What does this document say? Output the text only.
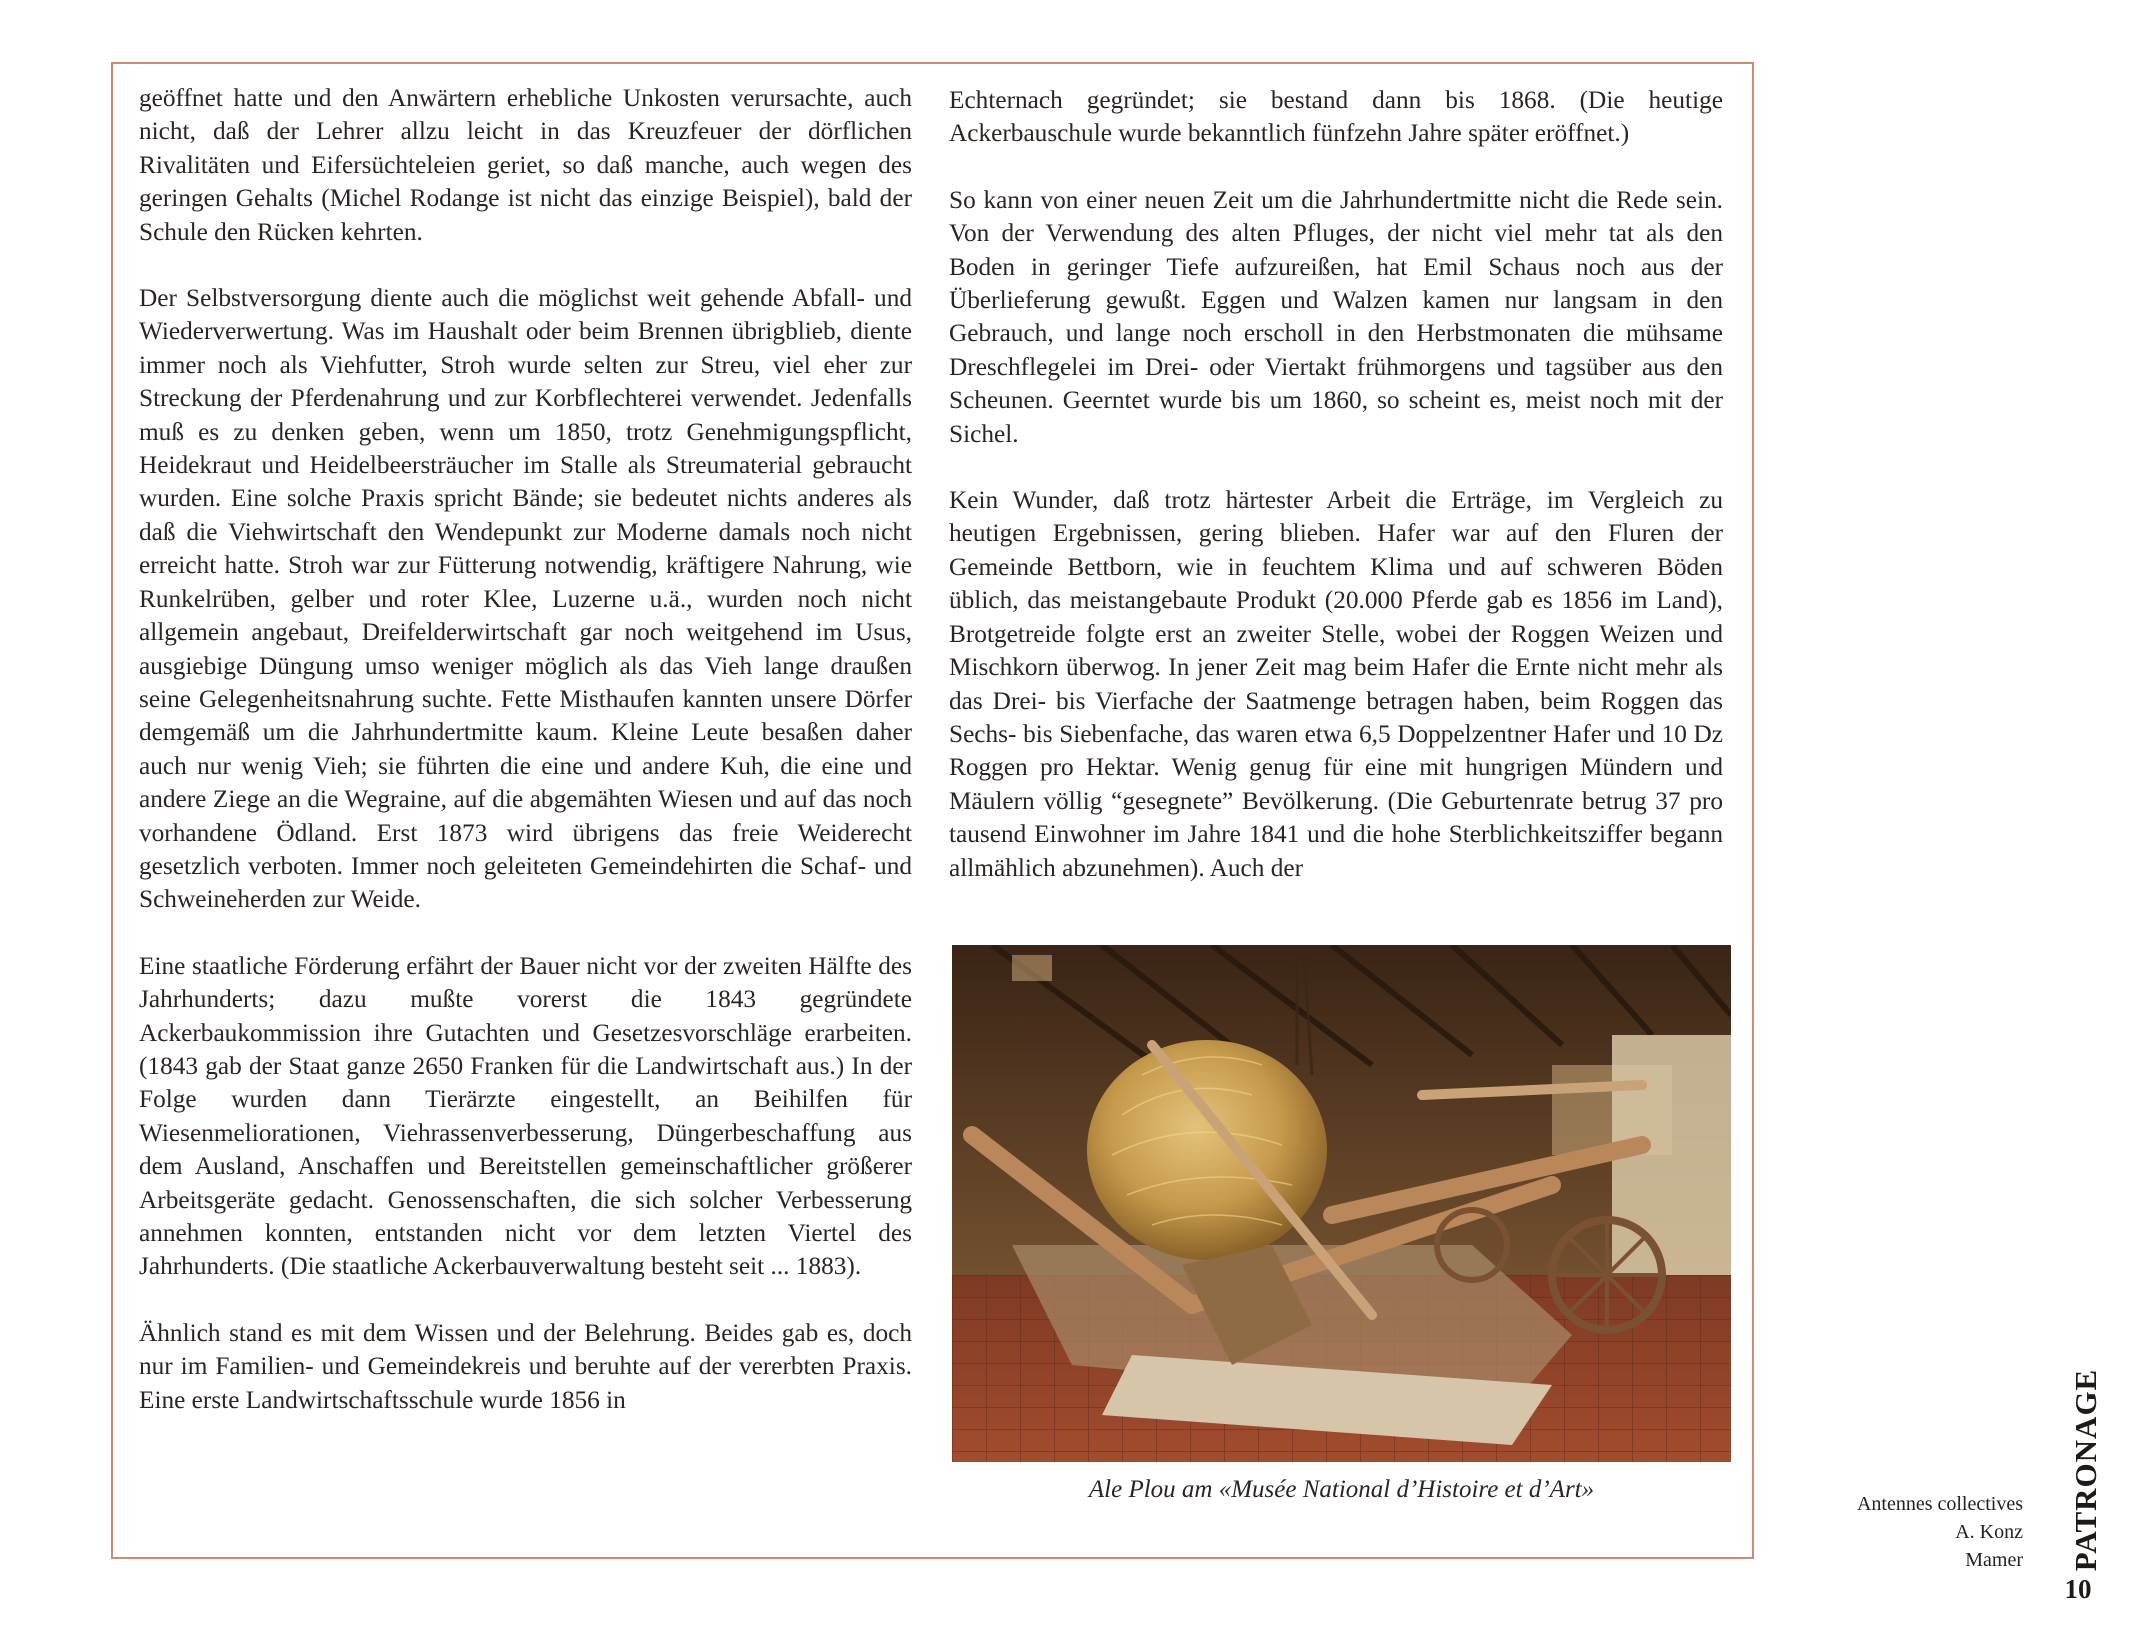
geöffnet hatte und den Anwärtern erhebliche Unkosten verursachte, auch nicht, daß der Lehrer allzu leicht in das Kreuzfeuer der dörflichen Rivalitäten und Eifersüchteleien geriet, so daß manche, auch wegen des geringen Gehalts (Michel Rodange ist nicht das einzige Beispiel), bald der Schule den Rücken kehrten.

Der Selbstversorgung diente auch die möglichst weit gehende Abfall- und Wiederverwertung. Was im Haushalt oder beim Brennen übrigblieb, diente immer noch als Viehfutter, Stroh wurde selten zur Streu, viel eher zur Streckung der Pferdenahrung und zur Korbflechterei verwendet. Jedenfalls muß es zu denken geben, wenn um 1850, trotz Genehmigungspflicht, Heidekraut und Heidelbeersträucher im Stalle als Streumaterial gebraucht wurden. Eine solche Praxis spricht Bände; sie bedeutet nichts anderes als daß die Viehwirtschaft den Wendepunkt zur Moderne damals noch nicht erreicht hatte. Stroh war zur Fütterung notwendig, kräftigere Nahrung, wie Runkelrüben, gelber und roter Klee, Luzerne u.ä., wurden noch nicht allgemein angebaut, Dreifelderwirtschaft gar noch weitgehend im Usus, ausgiebige Düngung umso weniger möglich als das Vieh lange draußen seine Gelegenheitsnahrung suchte. Fette Misthaufen kannten unsere Dörfer demgemäß um die Jahrhundertmitte kaum. Kleine Leute besaßen daher auch nur wenig Vieh; sie führten die eine und andere Kuh, die eine und andere Ziege an die Wegraine, auf die abgemähten Wiesen und auf das noch vorhandene Ödland. Erst 1873 wird übrigens das freie Weiderecht gesetzlich verboten. Immer noch geleiteten Gemeindehirten die Schaf- und Schweineherden zur Weide.

Eine staatliche Förderung erfährt der Bauer nicht vor der zweiten Hälfte des Jahrhunderts; dazu mußte vorerst die 1843 gegründete Ackerbaukommission ihre Gutachten und Gesetzesvorschläge erarbeiten. (1843 gab der Staat ganze 2650 Franken für die Landwirtschaft aus.) In der Folge wurden dann Tierärzte eingestellt, an Beihilfen für Wiesenmeliorationen, Viehrassenverbesserung, Düngerbeschaffung aus dem Ausland, Anschaffen und Bereitstellen gemeinschaftlicher größerer Arbeitsgeräte gedacht. Genossenschaften, die sich solcher Verbesserung annehmen konnten, entstanden nicht vor dem letzten Viertel des Jahrhunderts. (Die staatliche Ackerbauverwaltung besteht seit ... 1883).

Ähnlich stand es mit dem Wissen und der Belehrung. Beides gab es, doch nur im Familien- und Gemeindekreis und beruhte auf der vererbten Praxis. Eine erste Landwirtschaftsschule wurde 1856 in

Echternach gegründet; sie bestand dann bis 1868. (Die heutige Ackerbauschule wurde bekanntlich fünfzehn Jahre später eröffnet.)

So kann von einer neuen Zeit um die Jahrhundertmitte nicht die Rede sein. Von der Verwendung des alten Pfluges, der nicht viel mehr tat als den Boden in geringer Tiefe aufzureißen, hat Emil Schaus noch aus der Überlieferung gewußt. Eggen und Walzen kamen nur langsam in den Gebrauch, und lange noch erscholl in den Herbstmonaten die mühsame Dreschflegelei im Drei- oder Viertakt frühmorgens und tagsüber aus den Scheunen. Geerntet wurde bis um 1860, so scheint es, meist noch mit der Sichel.

Kein Wunder, daß trotz härtester Arbeit die Erträge, im Vergleich zu heutigen Ergebnissen, gering blieben. Hafer war auf den Fluren der Gemeinde Bettborn, wie in feuchtem Klima und auf schweren Böden üblich, das meistangebaute Produkt (20.000 Pferde gab es 1856 im Land), Brotgetreide folgte erst an zweiter Stelle, wobei der Roggen Weizen und Mischkorn überwog. In jener Zeit mag beim Hafer die Ernte nicht mehr als das Drei- bis Vierfache der Saatmenge betragen haben, beim Roggen das Sechs- bis Siebenfache, das waren etwa 6,5 Doppelzentner Hafer und 10 Dz Roggen pro Hektar. Wenig genug für eine mit hungrigen Mündern und Mäulern völlig “gesegnete” Bevölkerung. (Die Geburtenrate betrug 37 pro tausend Einwohner im Jahre 1841 und die hohe Sterblichkeitsziffer begann allmählich abzunehmen). Auch der

Ale Plou am «Musée National d’Histoire et d’Art»
Antennes collectives
A. Konz
Mamer PATRONAGE
10
